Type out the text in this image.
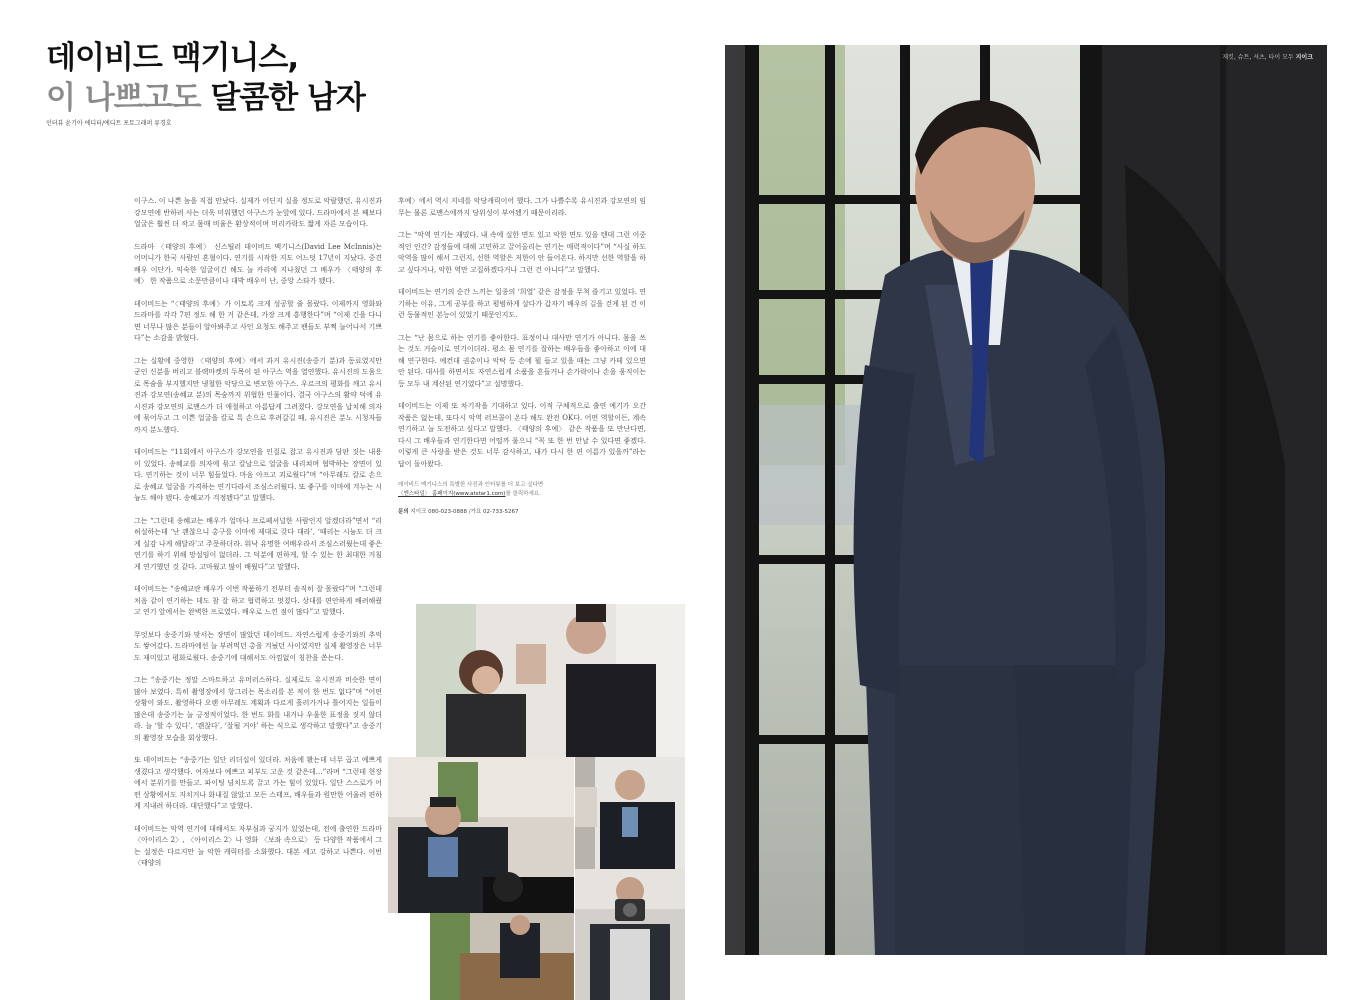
데이비드 맥기니스,
이 나쁘고도 달콤한 남자
인터뷰 윤기아 에디터/에디트 포토그래퍼 류경호

이구스. 이 나쁜 놈을 직접 만났다. 실제가 어딘지 실을 정도로 악랄했던, 유시진과 강모연에 반하려 사는 더욱 미워했던 아구스가 눈앞에 있다. 드라마에서 본 째보다 얼굴은 훨씬 더 작고 몸매 비율은 환상적이며 머리카락도 짧게 자른 모습이다.

드라마 〈태양의 후예〉 신스틸러 데이비드 맥기니스(David Lee McInnis)는 어머니가 한국 사람인 혼혈이다. 연기를 시작한 지도 어느덧 17년이 지났다. 중견 배우 이단가. 익숙한 얼굴이긴 해도 늘 카리에 지나쳤던 그 배우가 〈태양의 후예〉 한 작품으로 소문만큼이나 대박 배우이 난, 중앙 스타가 됐다.

데이비드는 “〈태양의 후예〉가 이토록 크게 성공할 줄 몰랐다. 이제까지 영화와 드라마를 각각 7편 정도 해 한 거 같은데, 가장 크게 흥행한다”며 “이제 긴을 다니면 너무나 많은 분들이 알아봐주고 사인 요청도 해주고 팬들도 부쩍 늘어나서 기쁘다”는 소감을 밝혔다.

그는 실황에 중영한 〈태양의 후예〉에서 과거 유시진(송중기 분)과 동료였지만 군인 신분을 버리고 블랙마켓의 두목이 된 아구스 역을 열연했다. 유시진의 도움으로 목숨을 부지했지만 냉철한 악당으로 변모한 아구스. 우르크의 평화를 깨고 유시진과 강모연(송혜교 분)의 목숨까지 위협한 인물이다. 결국 아구스의 활약 덕에 유시진과 강모연의 로맨스가 더 애절하고 아름답게 그려졌다. 강모연을 납치해 의자에 묶어두고 그 이쁜 얼굴을 칼로 톡 손으로 후려갈길 때, 유시진은 분노 시청자들까지 분노했다.

데이비드는 “11회에서 아구스가 강모연을 인질로 잡고 유시진과 담판 짓는 내용이 있었다. 송혜교를 의자에 묶고 칼날으로 얼굴을 내리쳐며 협박하는 장면이 있다. 연기하는 것이 너무 힘들었다. 마음 아프고 괴로웠다”며 “아무래도 칼로 손으로 송혜교 얼굴을 가격하는 연기다라서 조심스러웠다. 또 좋구를 이마에 겨누는 시늉도 해야 됐다. 송혜교가 걱정됐다”고 말했다.

그는 “그런데 송혜교는 배우가 얼마나 프로페셔널한 사람인지 알겠더라”면서 “리허설하는데 ‘난 괜찮으니 총구를 이마에 제대로 갖다 대라’, ‘때리는 시늉도 더 크게 실감 나게 해달라’고 주문하더라. 워낙 유명한 여배우라서 조심스러웠는데 좋은 연기를 하기 위해 망설임이 없더라. 그 덕분에 편하게, 할 수 있는 한 최대한 거침게 연기했던 것 같다. 고마웠고 많이 배웠다”고 말했다.

데이비드는 “송혜교란 배우가 이번 작품하기 전부터 솔직히 잘 몰랐다”며 “그런데 처음 같이 연기하는 데도 참 잘 하고 협력하고 멋졌다. 상대를 편안하게 배려해줬고 연기 앞에서는 완벽한 프로였다. 배우로 느낀 점이 많다”고 말했다.

무엇보다 송중기와 맞서는 장면이 많았던 데이비드. 자연스럽게 송중기와의 추억도 쌓여갔다. 드라마에선 늘 부려먹던 총을 겨눴던 사이였지만 실제 촬영장은 너무도 재미있고 평화로웠다. 송중기에 대해서도 아낌없이 칭찬을 쏟는다.

그는 “송중기는 정말 스마트하고 유머러스하다. 실제로도 유시진과 비슷한 면이 많아 보였다. 특히 촬영장에서 항그리는 목소리를 본 적이 한 번도 없다”며 “어떤 상황이 와도. 촬영하다 오랜 야무레도 계획과 다르게 흘러가거나 틀어지는 일들이 많은데 송중기는 늘 긍정적이었다. 한 번도 화를 내거나 우울한 표정을 짓지 않더라. 늘 ‘할 수 있다’, ‘괜찮다’, ‘잘될 거야’ 하는 식으로 생각하고 말했다”고 송중기의 촬영장 모습을 회상했다.

또 데이비드는 “송중기는 일단 리더십이 있더라. 처음에 봤는데 너무 곱고 예쁘게 생겼다고 생각했다. 여자보다 예쁘고 피부도 고운 것 같은데…”라며 “그런데 현장에서 분위기를 만들고. 파이팅 넘치도록 끌고 가는 힘이 있었다. 일단 스스로가 어떤 상황에서도 지치거나 화내질 않았고 모든 스태프, 배우들과 원만한 어울려 편하게 지내려 하더라. 대단했다”고 말했다.

데이비드는 악역 연기에 대해서도 자부심과 궁지가 있었는데, 전에 출연한 드라마 〈아이리스 2〉, 〈아이리스 2〉나 영화 〈보좌 속으로〉 등 다양한 작품에서 그는 설정은 다르지만 늘 악한 캐릭터를 소화했다. 대본 세고 강하고 나쁜다. 이번 〈태양의

후예〉에서 역시 지네를 악당캐릭이어 했다. 그가 나쁠수록 유시진과 강모연의 임무는 물론 로맨스에까지 당위성이 부여됐기 때문이리라.

그는 “악역 연기는 재밌다. 내 속에 실한 면도 있고 악한 면도 있을 텐데 그런 이중적인 인간? 감정들에 대해 고민하고 끌어올리는 연기는 매력적이다”며 “사실 하도 악역을 많이 해서 그런지, 선한 역할은 저한이 안 들어온다. 하지만 선한 역할을 하고 싶다거나, 악한 역만 고집하겠다거나 그런 건 아니다”고 말했다.

데이비드는 연기의 순간 느끼는 일종의 ‘희열’ 같은 감정을 무척 즐기고 있었다. 연기하는 이유, 그게 공부를 하고 평범하게 살다가 갑자기 배우의 길을 걷게 된 건 이런 동물적인 본능이 있었기 때문인지도.

그는 “난 몸으로 하는 연기를 좋아한다. 표정이나 대사만 연기가 아니다. 몸을 쓰는 것도 거슬이로 연기이더라. 평소 몸 연기를 잘하는 배우들을 좋아하고 이에 대해 연구한다. 예컨대 권총이나 악탁 등 손에 뭘 들고 있을 때는 그냥 카테 있으면 안 된다. 대사를 하면서도 자연스럽게 소품을 흔들거나 손가락이나 손을 움직이는 등 모두 내 계산된 연기였다”고 설명했다.

데이비드는 이제 또 차기작을 기대하고 있다. 이적 구체적으로 출연 예기가 오간 작품은 없는데, 또다시 악역 러브콜이 온다 해도 완전 OK다. 어떤 역할이든, 계속 연기하고 늘 도전하고 싶다고 말했다. 〈태양의 후예〉 같은 작품을 또 만난다면, 다시 그 배우들과 연기한다면 어떨까 물으니 “꼭 또 한 번 만날 수 있다면 좋겠다. 이렇게 큰 사랑을 받은 것도 너무 감사하고, 내가 다시 한 편 이름가 있을까”라는 답이 돌아왔다.

데이비드 맥기니스의 특별한 사진과 인터뷰를 더 보고 싶다면
〈엔스타일〉 홈페이지(www.atstar1.com)를 클릭하세요.
문의 지이크 080-023-0888 /가요 02-733-5267
재킷, 슈트, 셔츠, 타이 모두 지이크
